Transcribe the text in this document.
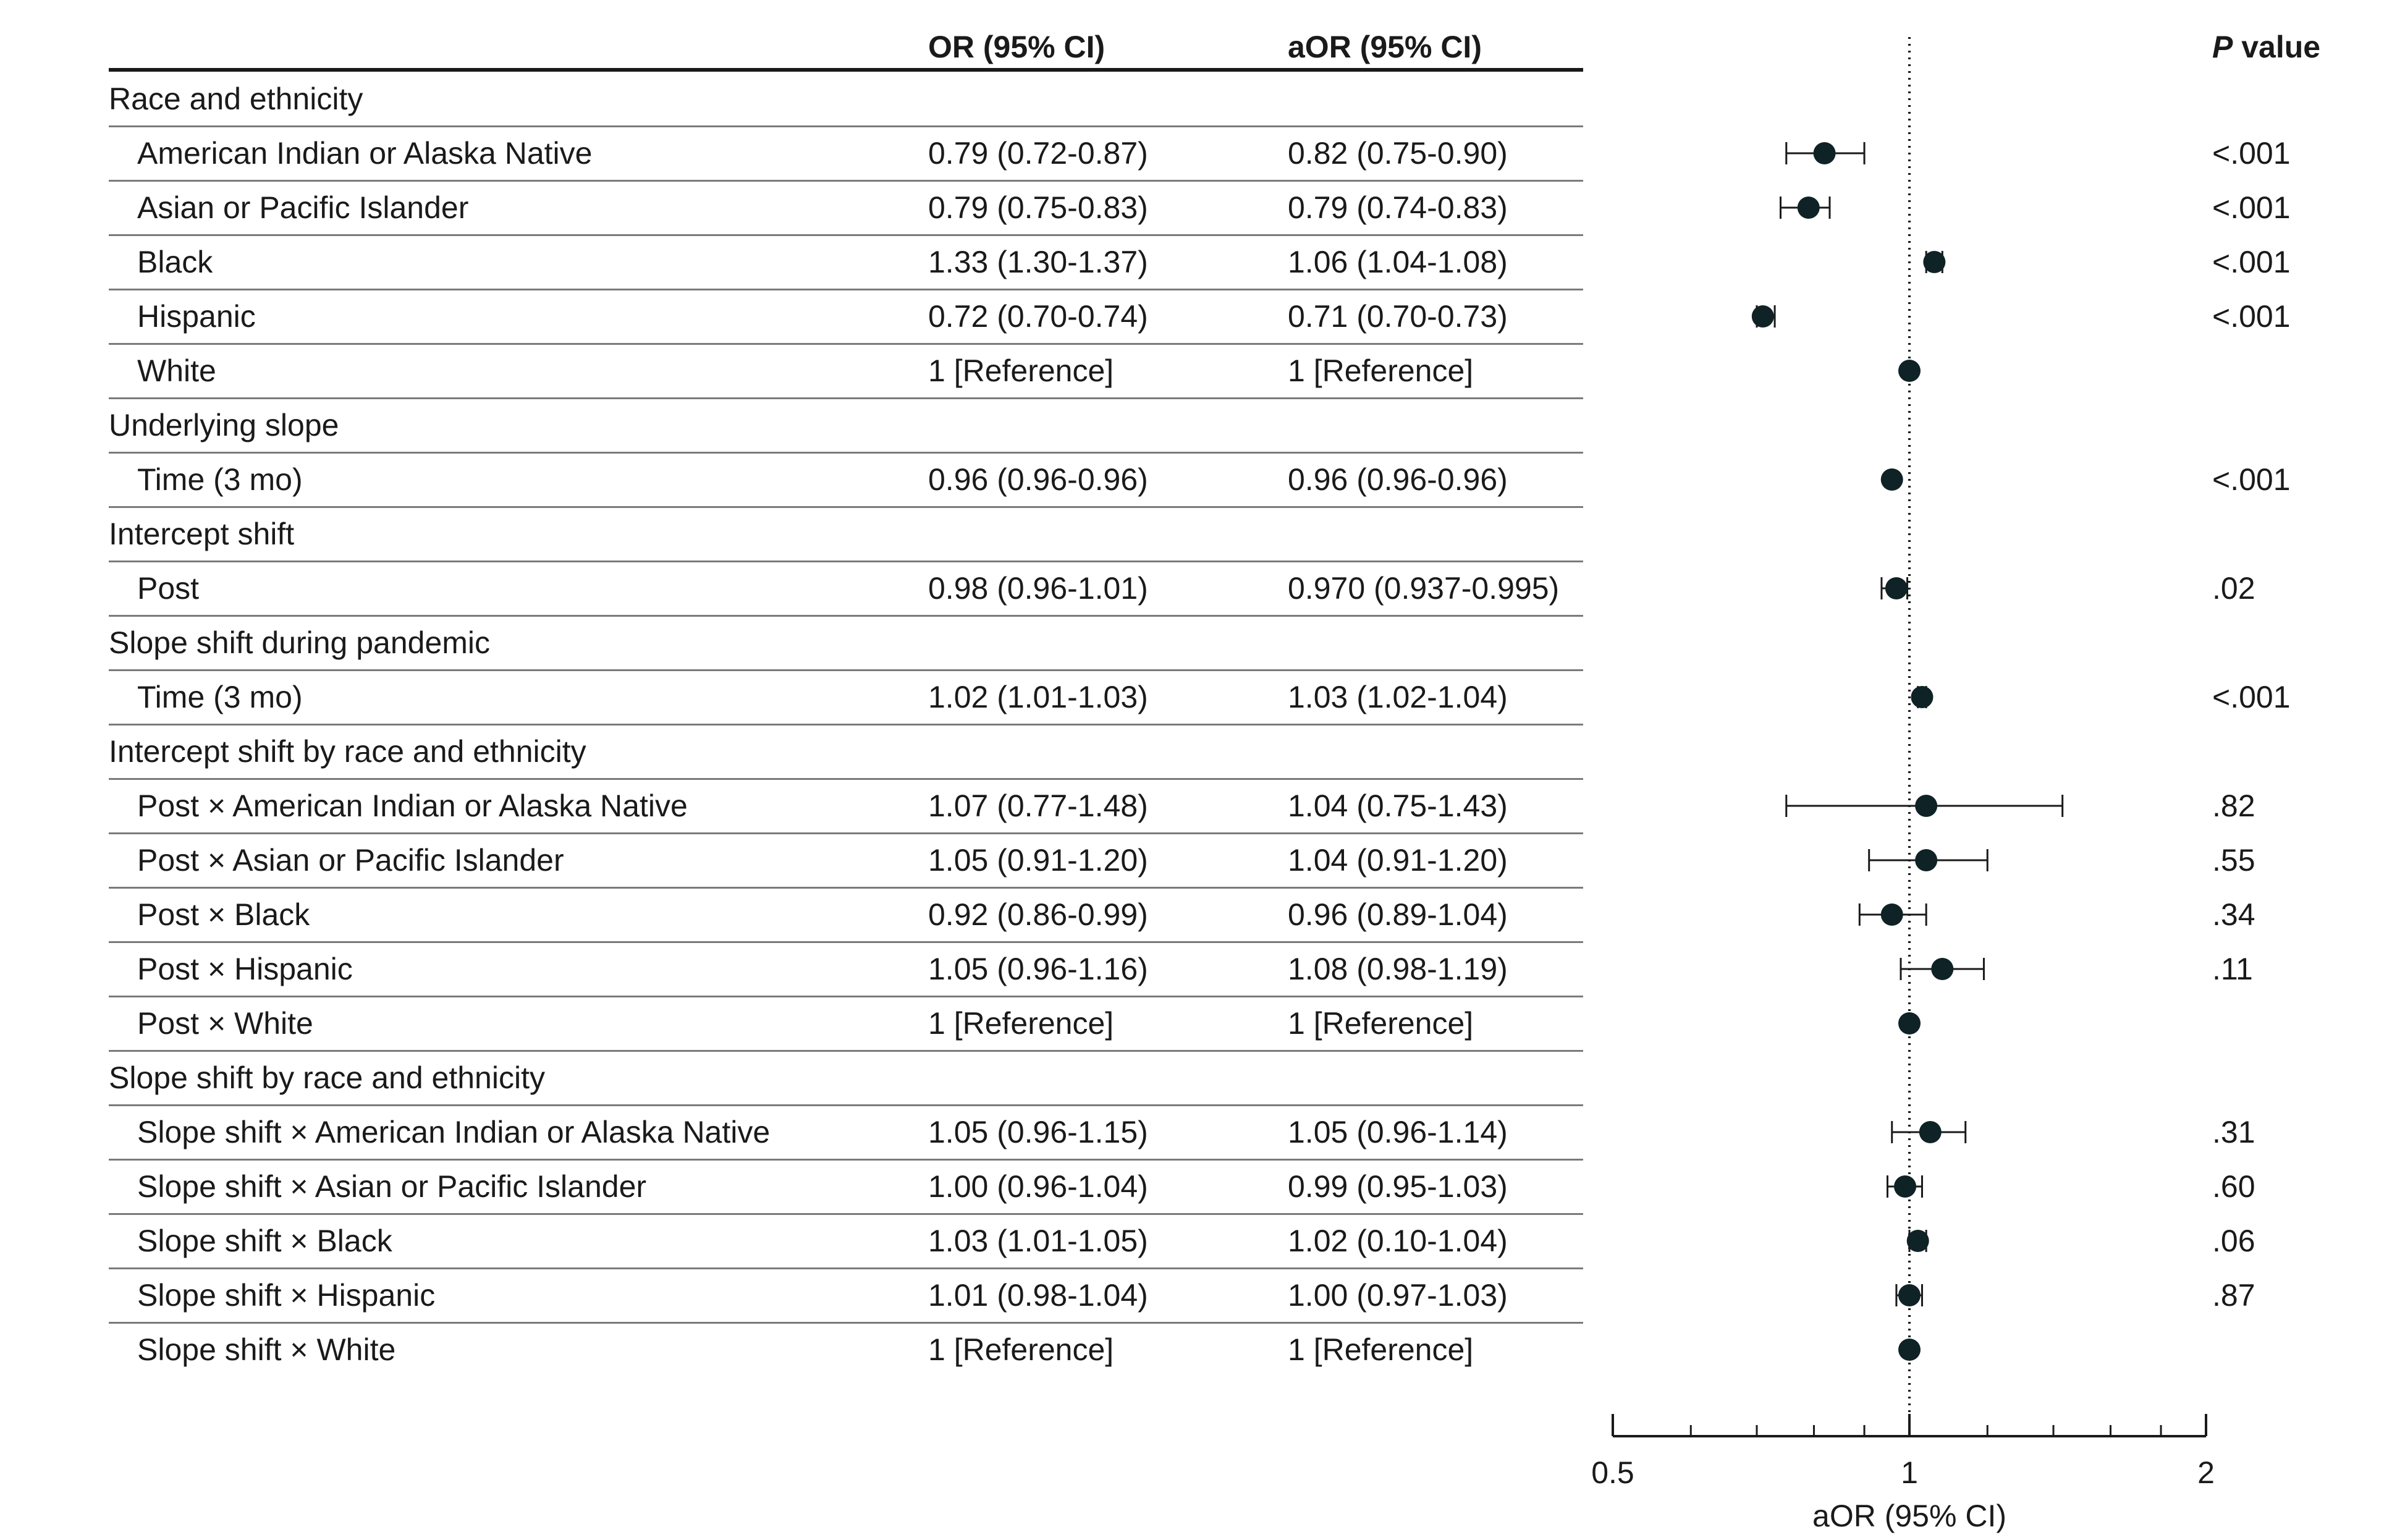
OR (95% CI)	aOR (95% CI)	P value
Race and ethnicity
American Indian or Alaska Native	0.79 (0.72-0.87)	0.82 (0.75-0.90)	<.001
Asian or Pacific Islander	0.79 (0.75-0.83)	0.79 (0.74-0.83)	<.001
Black	1.33 (1.30-1.37)	1.06 (1.04-1.08)	<.001
Hispanic	0.72 (0.70-0.74)	0.71 (0.70-0.73)	<.001
White	1 [Reference]	1 [Reference]
Underlying slope
Time (3 mo)	0.96 (0.96-0.96)	0.96 (0.96-0.96)	<.001
Intercept shift
Post	0.98 (0.96-1.01)	0.970 (0.937-0.995)	.02
Slope shift during pandemic
Time (3 mo)	1.02 (1.01-1.03)	1.03 (1.02-1.04)	<.001
Intercept shift by race and ethnicity
Post × American Indian or Alaska Native	1.07 (0.77-1.48)	1.04 (0.75-1.43)	.82
Post × Asian or Pacific Islander	1.05 (0.91-1.20)	1.04 (0.91-1.20)	.55
Post × Black	0.92 (0.86-0.99)	0.96 (0.89-1.04)	.34
Post × Hispanic	1.05 (0.96-1.16)	1.08 (0.98-1.19)	.11
Post × White	1 [Reference]	1 [Reference]
Slope shift by race and ethnicity
Slope shift × American Indian or Alaska Native	1.05 (0.96-1.15)	1.05 (0.96-1.14)	.31
Slope shift × Asian or Pacific Islander	1.00 (0.96-1.04)	0.99 (0.95-1.03)	.60
Slope shift × Black	1.03 (1.01-1.05)	1.02 (0.10-1.04)	.06
Slope shift × Hispanic	1.01 (0.98-1.04)	1.00 (0.97-1.03)	.87
Slope shift × White	1 [Reference]	1 [Reference]
0.5	1	2
aOR (95% CI)
